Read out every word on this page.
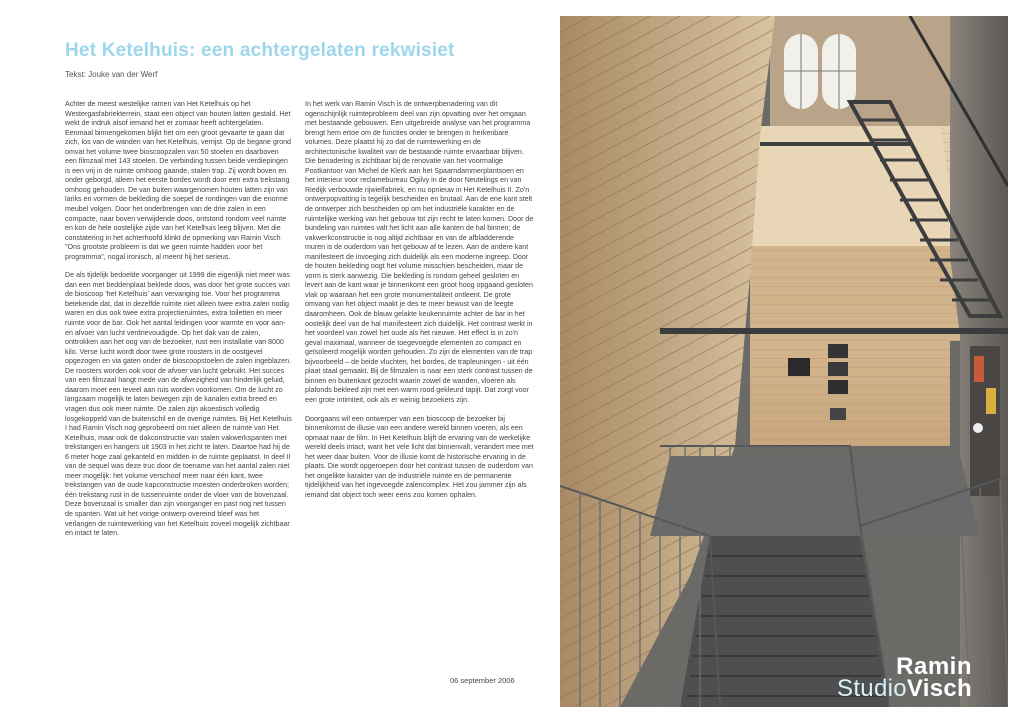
Het Ketelhuis: een achtergelaten rekwisiet
Tekst: Jouke van der Werf

Achter de meest westelijke ramen van Het Ketelhuis op het Westergasfabriekterrein, staat een object van houten latten gestald. Het wekt de indruk alsof iemand het er zomaar heeft achtergelaten. Eenmaal binnengekomen blijkt het om een groot gevaarte te gaan dat zich, los van de wanden van het Ketelhuis, verrijst. Op de begane grond omvat het volume twee bioscoopzalen van 50 stoelen en daarboven een filmzaal met 143 stoelen. De verbinding tussen beide verdiepingen is een vrij in de ruimte omhoog gaande, stalen trap. Zij wordt boven en onder geborgd, alleen het eerste bordes wordt door een extra trekstang omhoog gehouden. De van buiten waargenomen houten latten zijn van lariks en vormen de bekleding die soepel de rondingen van die enorme meubel volgen. Door het onderbrengen van de drie zalen in een compacte, naar boven verwijdende doos, ontstond rondom veel ruimte en kon de hele oostelijke zijde van het Ketelhuis leeg blijven. Met die constatering in het achterhoofd klinkt de opmerking van Ramin Visch "Ons grootste probleem is dat we geen ruimte hadden voor het programma", nogal ironisch, al meent hij het serieus.

De als tijdelijk bedoelde voorganger uit 1999 die eigenlijk niet meer was dan een met beddenplaat beklede doos, was door het grote succes van de bioscoop 'het Ketelhuis' aan vervanging toe. Voor het programma betekende dat, dat in dezelfde ruimte niet alleen twee extra zalen nodig waren en dus ook twee extra projectieruimtes, extra toiletten en meer ruimte voor de bar. Ook het aantal leidingen voor warmte en voor aan- en afvoer van lucht verdrievoudigde. Op het dak van de zalen, onttrokken aan het oog van de bezoeker, rust een installatie van 8000 kilo. Verse lucht wordt door twee grote roosters in de oostgevel opgezogen en via gaten onder de bioscoopstoelen de zalen ingeblazen. De roosters worden ook voor de afvoer van lucht gebruikt. Het succes van een filmzaal hangt mede van de afwezigheid van hinderlijk geluid, daarom moet een teveel aan ruis worden voorkomen. Om de lucht zo langzaam mogelijk te laten bewegen zijn de kanalen extra breed en vragen dus ook meer ruimte. De zalen zijn akoestisch volledig losgekoppeld van de buitenschil en de overige ruimtes. Bij Het Ketelhuis I had Ramin Visch nog geprobeerd om niet alleen de ruimte van Het Ketelhuis, maar ook de dakconstructie van stalen vakwerkspanten met trekstangen en hangers uit 1903 in het zicht te laten. Daartoe had hij de 6 meter hoge zaal gekanteld en midden in de ruimte geplaatst. In deel II van de sequel was deze truc door de toename van het aantal zalen niet meer mogelijk: het volume verschoof meer naar één kant, twee trekstangen van de oude kapconstructie moesten onderbroken worden; één trekstang rust in de tussenruimte onder de vloer van de bovenzaal. Deze bovenzaal is smaller dan zijn voorganger en past nog net tussen de spanten. Wat uit het vorige ontwerp overeind bleef was het verlangen de ruimtewerking van het Ketelhuis zoveel mogelijk zichtbaar en intact te laten.

In het werk van Ramin Visch is de ontwerpbenadering van dit ogenschijnlijk ruimteprobleem deel van zijn opvatting over het omgaan met bestaande gebouwen. Een uitgebreide analyse van het programma brengt hem ertoe om de functies onder te brengen in herkenbare volumes. Deze plaatst hij zo dat de ruimtewerking en de architectonische kwaliteit van de bestaande ruimte ervaarbaar blijven. Die benadering is zichtbaar bij de renovatie van het voormalige Postkantoor van Michel de Klerk aan het Spaarndammerplantsoen en het interieur voor reclamebureau Ogilvy in de door Neutelings en van Riedijk verbouwde rijwielfabriek, en nu opnieuw in Het Ketelhuis II. Zo'n ontwerpopvatting is tegelijk bescheiden en brutaal. Aan de ene kant stelt de ontwerper zich bescheiden op om het industriële karakter en de ruimtelijke werking van het gebouw tot zijn recht te laten komen. Door de bundeling van ruimtes valt het licht aan alle kanten de hal binnen; de vakwerkconstructie is nog altijd zichtbaar en van de afbladderende muren is de ouderdom van het gebouw af te lezen. Aan de andere kant manifesteert de invoeging zich duidelijk als een moderne ingreep. Door de houten bekleding oogt het volume misschien bescheiden, maar de vorm is sterk aanwezig. Die bekleding is rondom geheel gesloten en levert aan de kant waar je binnenkomt een groot hoog opgaand gesloten vlak op waaraan het een grote monumentaliteit ontleent. De grote omvang van het object maakt je des te meer bewust van de leegte daaromheen. Ook de blauw gelakte keukenruimte achter de bar in het oostelijk deel van de hal manifesteert zich duidelijk. Het contrast werkt in het voordeel van zowel het oude als het nieuwe. Het effect is in zo'n geval maximaal, wanneer de toegevoegde elementen zo compact en geïsoleerd mogelijk worden gehouden. Zo zijn de elementen van de trap bijvoorbeeld – de beide vluchten, het bordes, de trapleuningen - uit één plaat staal gemaakt. Bij de filmzalen is naar een sterk contrast tussen de binnen en buitenkant gezocht waarin zowel de wanden, vloeren als plafonds bekleed zijn met een warm rood gekleurd tapijt. Dat zorgt voor een grote intimiteit, ook als er weinig bezoekers zijn.

Doorgaans wil een ontwerper van een bioscoop de bezoeker bij binnenkomst de illusie van een andere wereld binnen voeren, als een opmaat naar de film. In Het Ketelhuis blijft de ervaring van de werkelijke wereld deels intact, want het vele licht dat binnenvalt, verandert mee met het weer daar buiten. Voor de illusie komt de historische ervaring in de plaats. Die wordt opgeroepen door het contrast tussen de ouderdom van het ongelikte karakter van de industriële ruimte en de permanente tijdelijkheid van het ingevoegde zalencomplex. Het zou jammer zijn als iemand dat object toch weer eens zou komen ophalen.

06 september 2006
Ramin
StudioVisch
